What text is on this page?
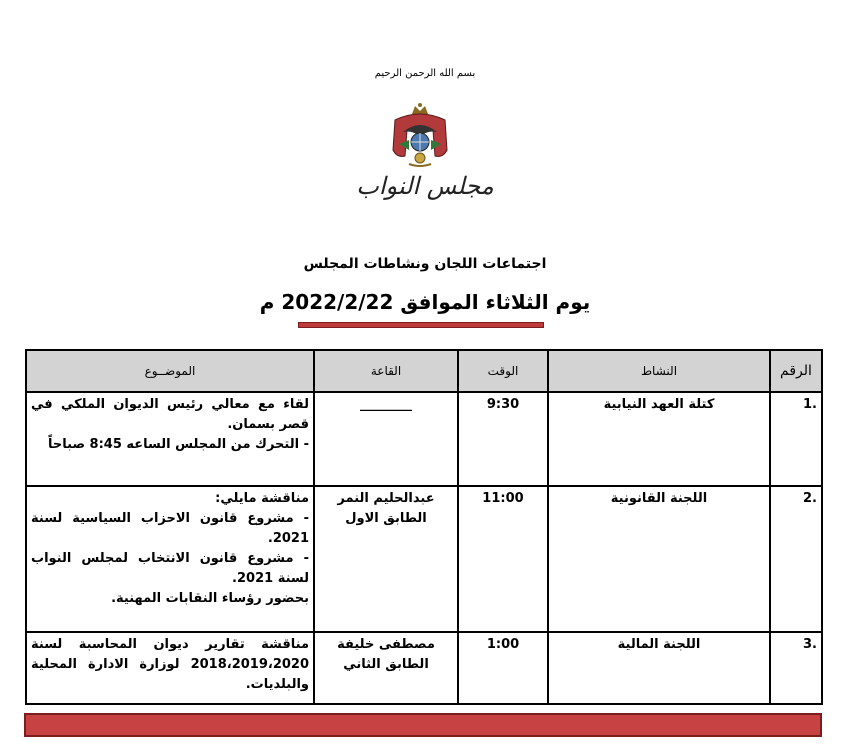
بسم الله الرحمن الرحيم
مجلس النواب
اجتماعات اللجان ونشاطات المجلس
يوم الثلاثاء الموافق 2022/2/22 م
الرقم	النشاط	الوقت	القاعة	الموضــوع
.1	كتلة العهد النيابية	9:30	________	لقاء مع معالي رئيس الديوان الملكي في قصر بسمان.
- التحرك من المجلس الساعه 8:45 صباحاً

.2	اللجنة القانونية	11:00	عبدالحليم النمر الطابق الاول	مناقشة مايلي:
- مشروع قانون الاحزاب السياسية لسنة 2021.
- مشروع قانون الانتخاب لمجلس النواب لسنة 2021.
بحضور رؤساء النقابات المهنية.

.3	اللجنة المالية	1:00	مصطفى خليفة الطابق الثاني	مناقشة تقارير ديوان المحاسبة لسنة 2018،2019،2020 لوزارة الادارة المحلية والبلديات.
